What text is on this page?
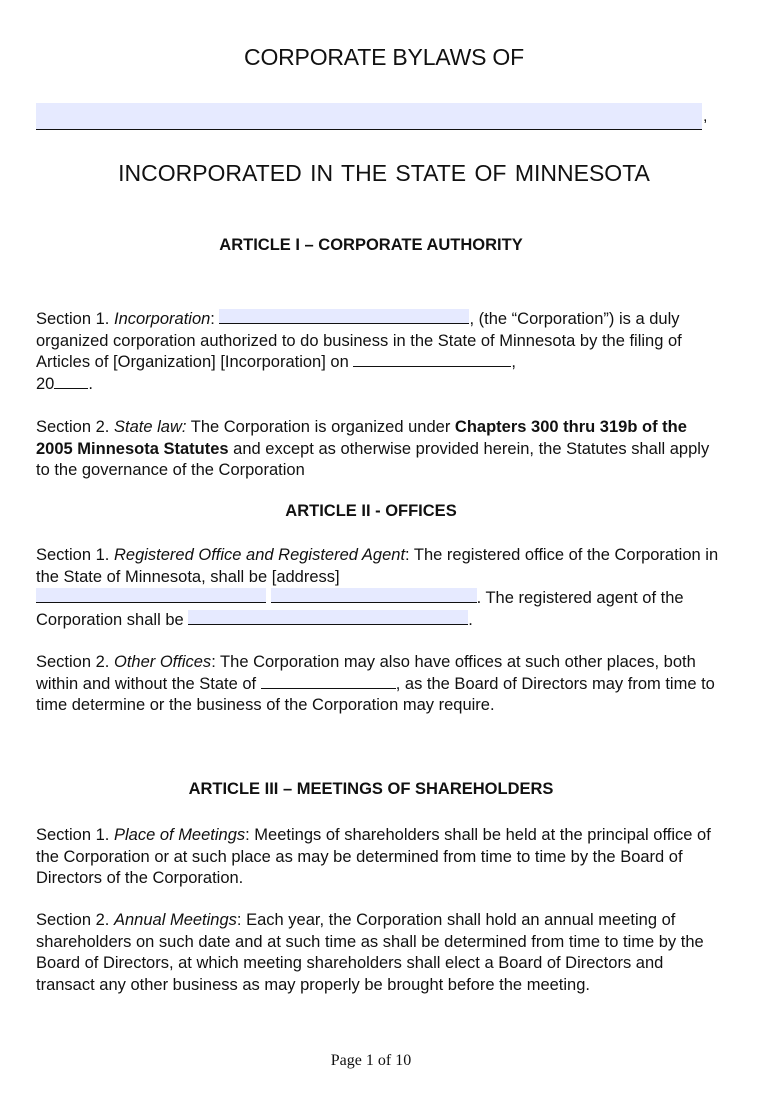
CORPORATE BYLAWS OF
,
INCORPORATED IN THE STATE OF MINNESOTA
ARTICLE I – CORPORATE AUTHORITY
Section 1. Incorporation:	, (the “Corporation”) is a duly organized corporation authorized to do business in the State of Minnesota by the filing of Articles of [Organization] [Incorporation] on	,
20 .
Section 2. State law: The Corporation is organized under Chapters 300 thru 319b of the 2005 Minnesota Statutes and except as otherwise provided herein, the Statutes shall apply to the governance of the Corporation
ARTICLE II - OFFICES
Section 1. Registered Office and Registered Agent: The registered office of the Corporation in the State of Minnesota, shall be [address]
. The registered agent of the Corporation shall be	.
Section 2. Other Offices: The Corporation may also have offices at such other places, both within and without the State of	, as the Board of Directors may from time to time determine or the business of the Corporation may require.
ARTICLE III – MEETINGS OF SHAREHOLDERS
Section 1. Place of Meetings: Meetings of shareholders shall be held at the principal office of the Corporation or at such place as may be determined from time to time by the Board of Directors of the Corporation.
Section 2. Annual Meetings: Each year, the Corporation shall hold an annual meeting of shareholders on such date and at such time as shall be determined from time to time by the Board of Directors, at which meeting shareholders shall elect a Board of Directors and transact any other business as may properly be brought before the meeting.
Page 1 of 10
